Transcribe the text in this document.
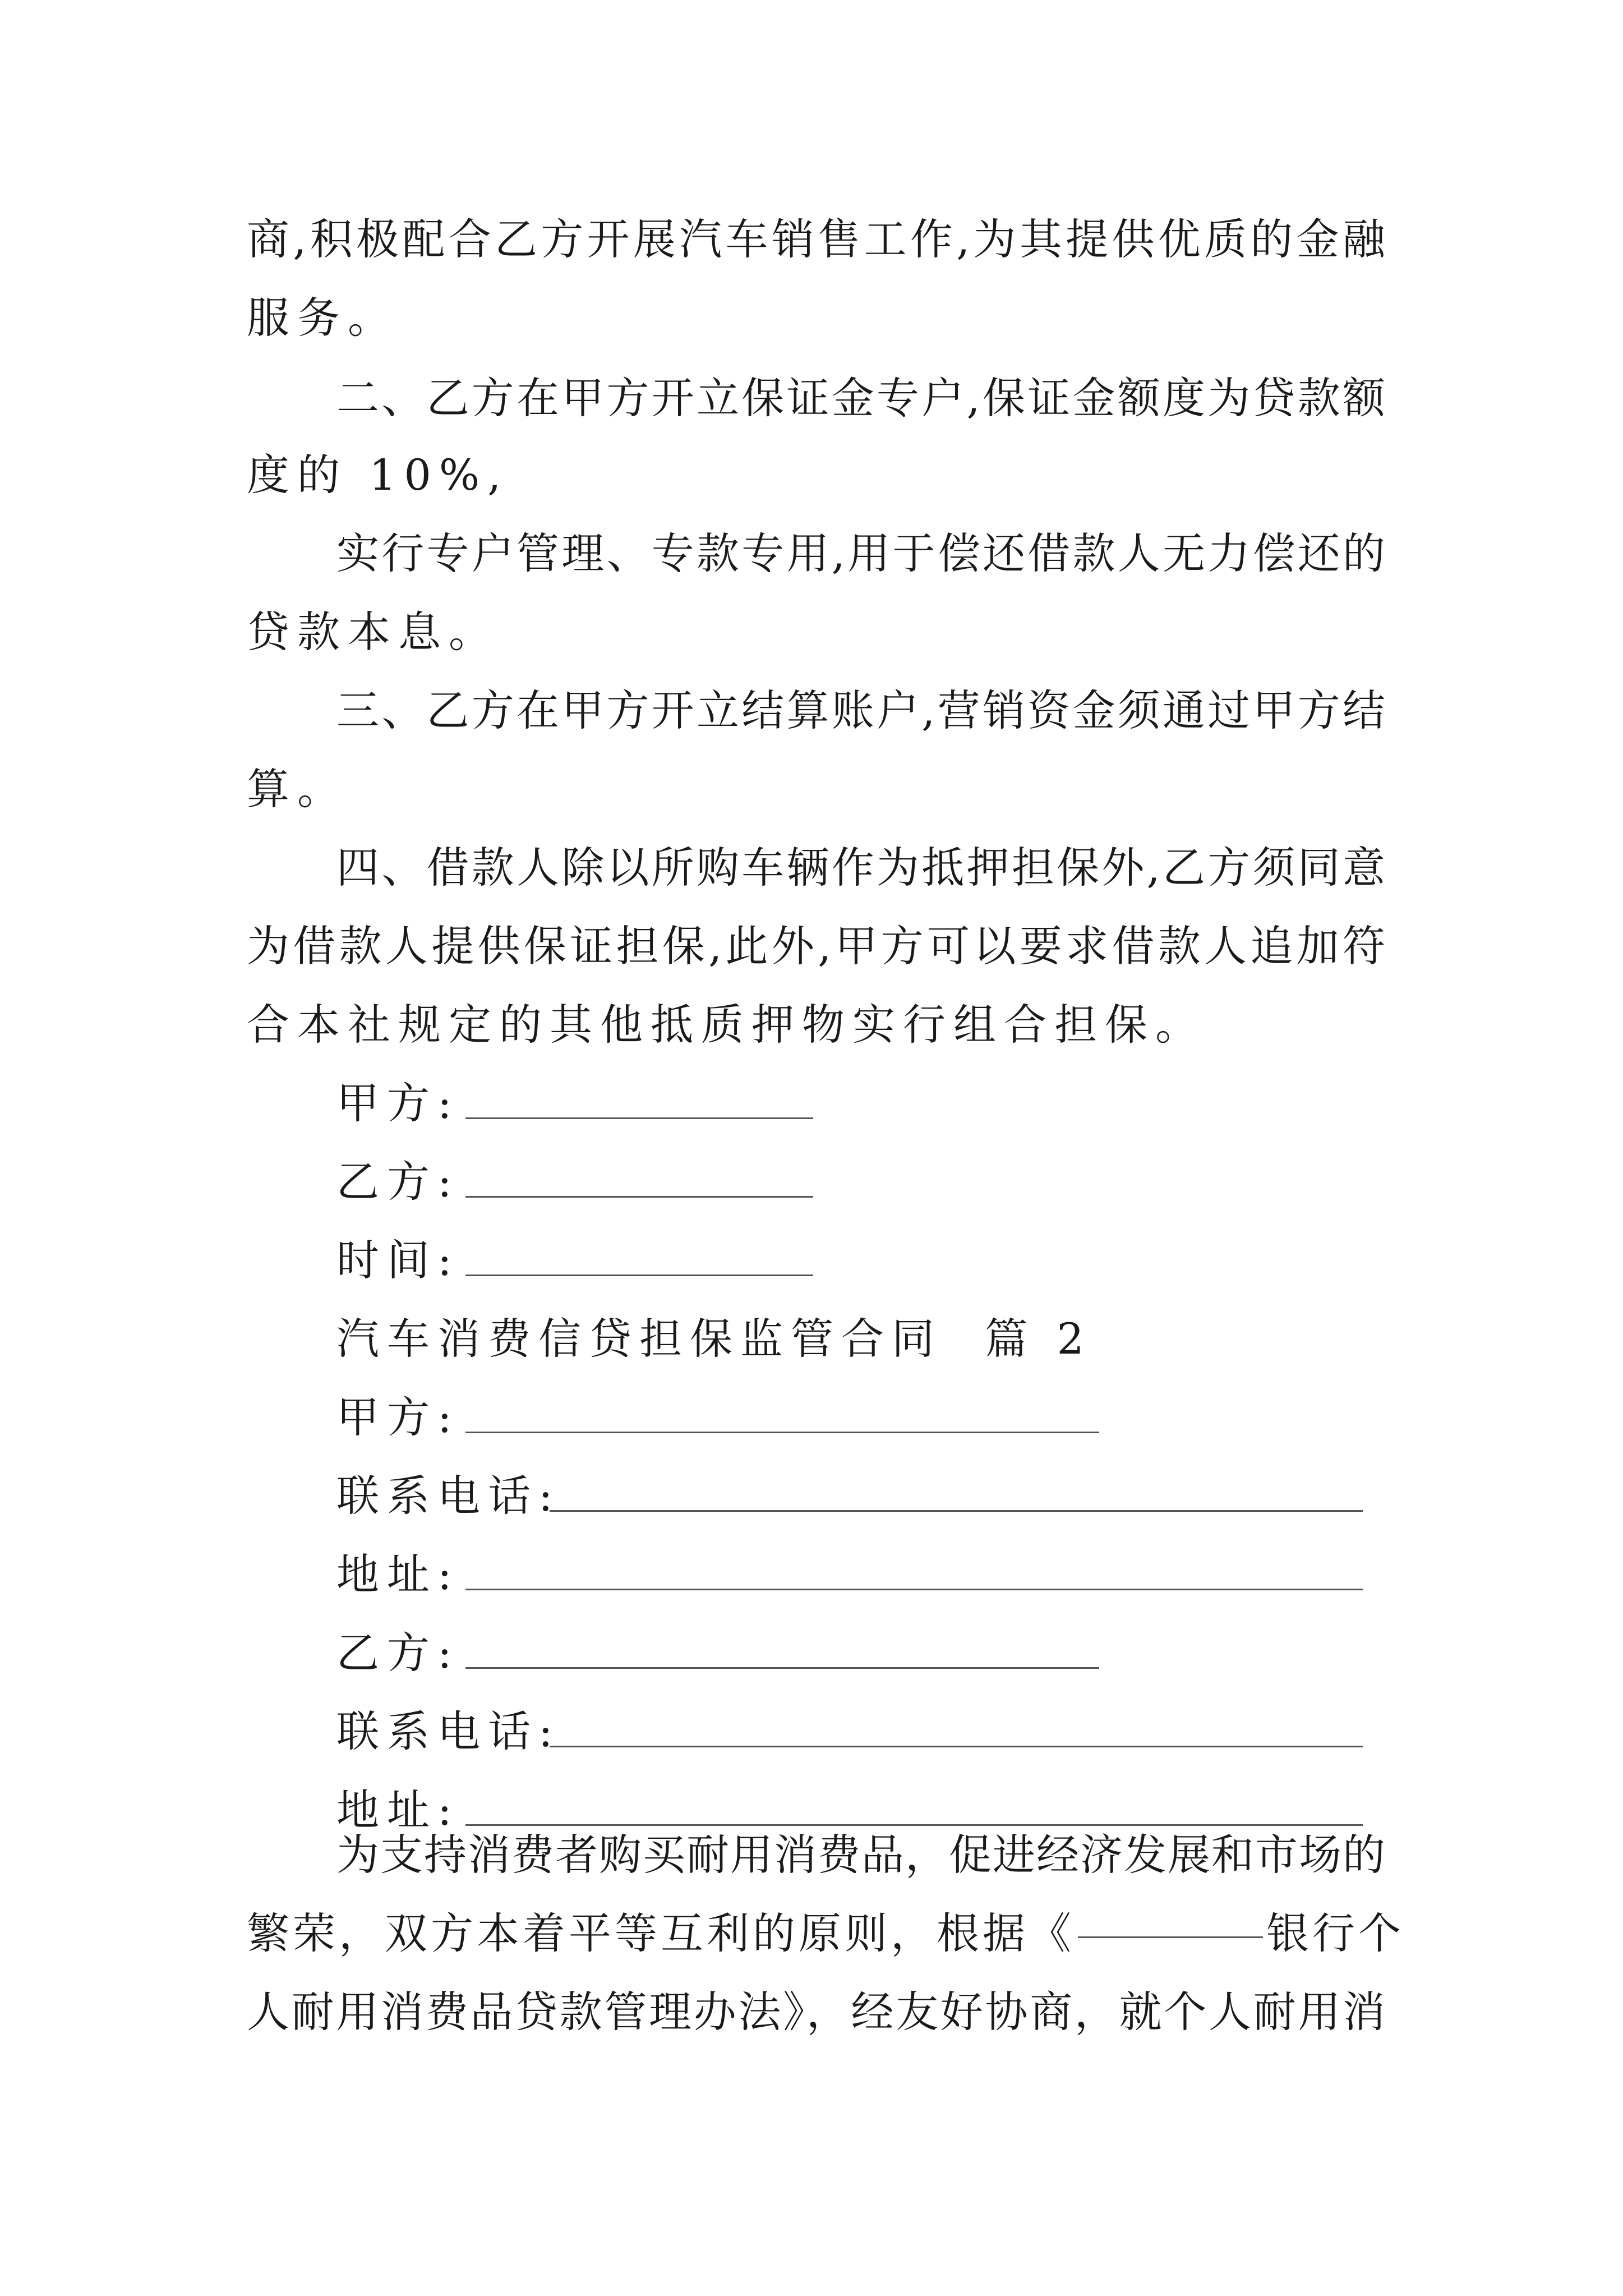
商,积极配合乙方开展汽车销售工作,为其提供优质的金融
服务。
二、乙方在甲方开立保证金专户,保证金额度为贷款额
度的 10%,
实行专户管理、专款专用,用于偿还借款人无力偿还的
贷款本息。
三、乙方在甲方开立结算账户,营销资金须通过甲方结
算。
四、借款人除以所购车辆作为抵押担保外,乙方须同意
为借款人提供保证担保,此外,甲方可以要求借款人追加符
合本社规定的其他抵质押物实行组合担保。
甲方:
乙方:
时间:
汽车消费信贷担保监管合同  篇 2
甲方:
联系电话:
地址:
乙方:
联系电话:
地址:
为支持消费者购买耐用消费品，促进经济发展和市场的
繁荣，双方本着平等互利的原则，根据《	银行个
人耐用消费品贷款管理办法》，经友好协商，就个人耐用消
